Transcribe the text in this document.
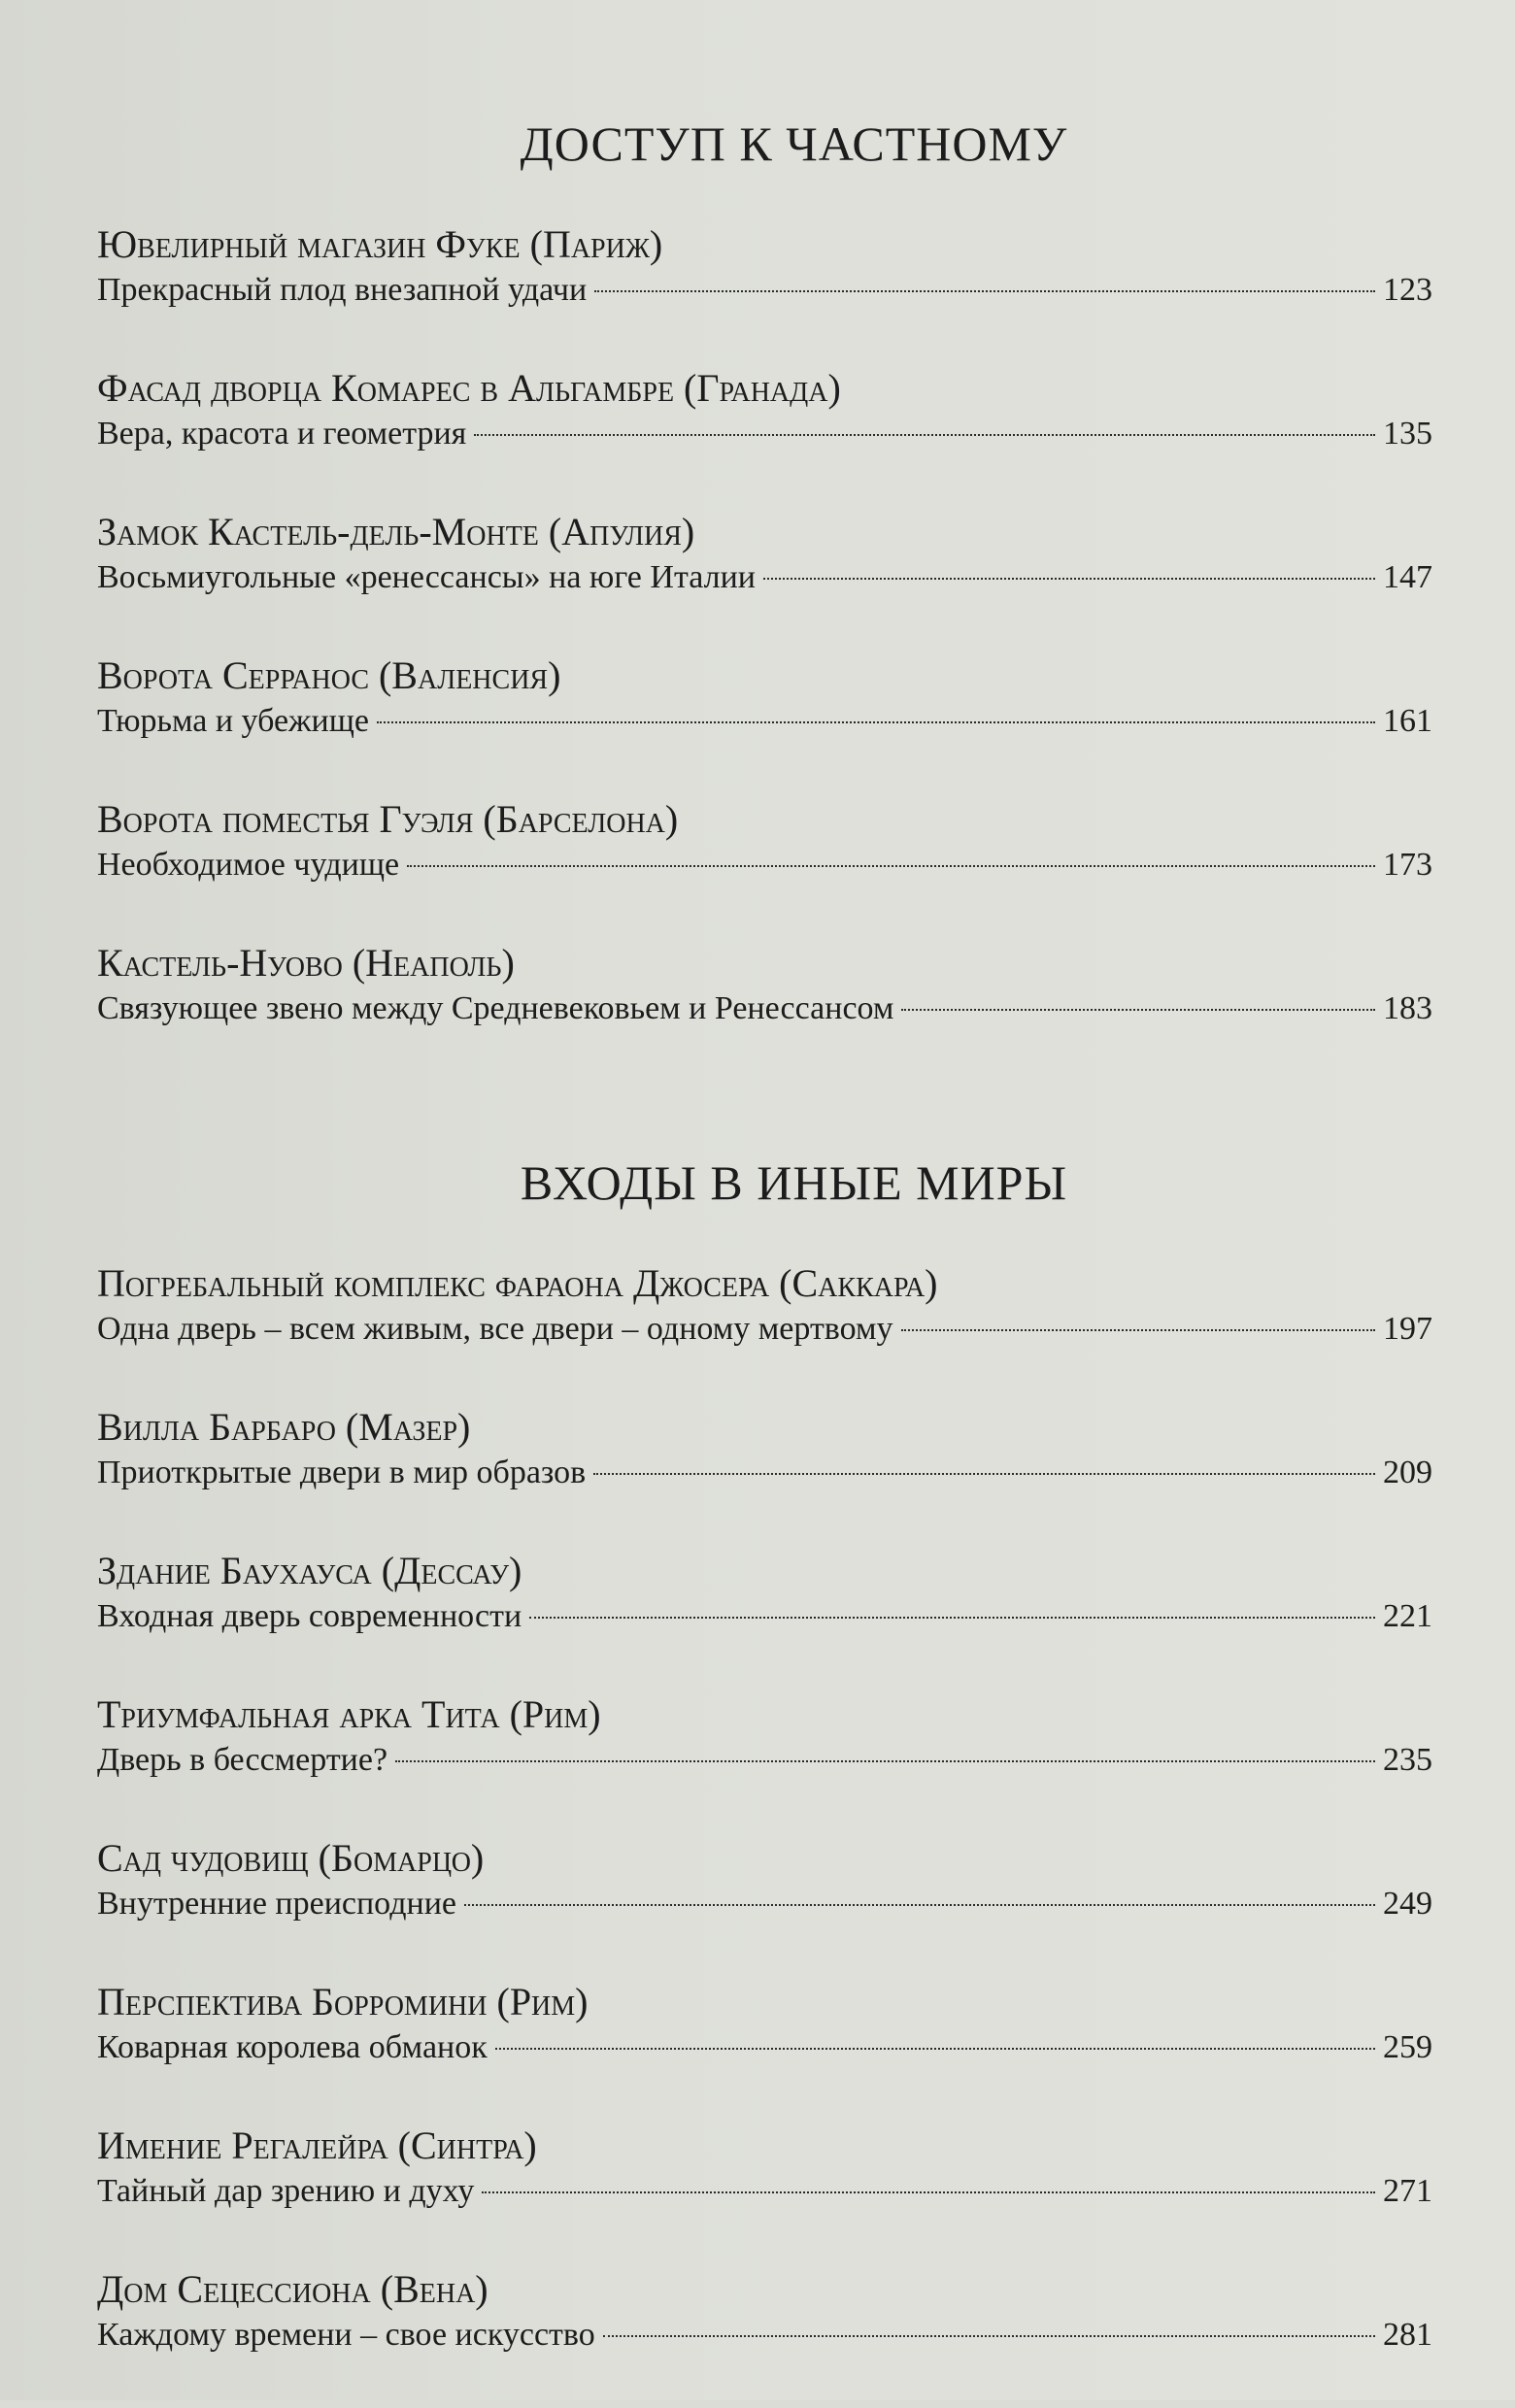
ДОСТУП К ЧАСТНОМУ
Ювелирный магазин Фуке (Париж)
Прекрасный плод внезапной удачи	123
Фасад дворца Комарес в Альгамбре (Гранада)
Вера, красота и геометрия	135
Замок Кастель-дель-Монте (Апулия)
Восьмиугольные «ренессансы» на юге Италии	147
Ворота Серранос (Валенсия)
Тюрьма и убежище	161
Ворота поместья Гуэля (Барселона)
Необходимое чудище	173
Кастель-Нуово (Неаполь)
Связующее звено между Средневековьем и Ренессансом	183
ВХОДЫ В ИНЫЕ МИРЫ
Погребальный комплекс фараона Джосера (Саккара)
Одна дверь – всем живым, все двери – одному мертвому	197
Вилла Барбаро (Мазер)
Приоткрытые двери в мир образов	209
Здание Баухауса (Дессау)
Входная дверь современности	221
Триумфальная арка Тита (Рим)
Дверь в бессмертие?	235
Сад чудовищ (Бомарцо)
Внутренние преисподние	249
Перспектива Борромини (Рим)
Коварная королева обманок	259
Имение Регалейра (Синтра)
Тайный дар зрению и духу	271
Дом Сецессиона (Вена)
Каждому времени – свое искусство	281
